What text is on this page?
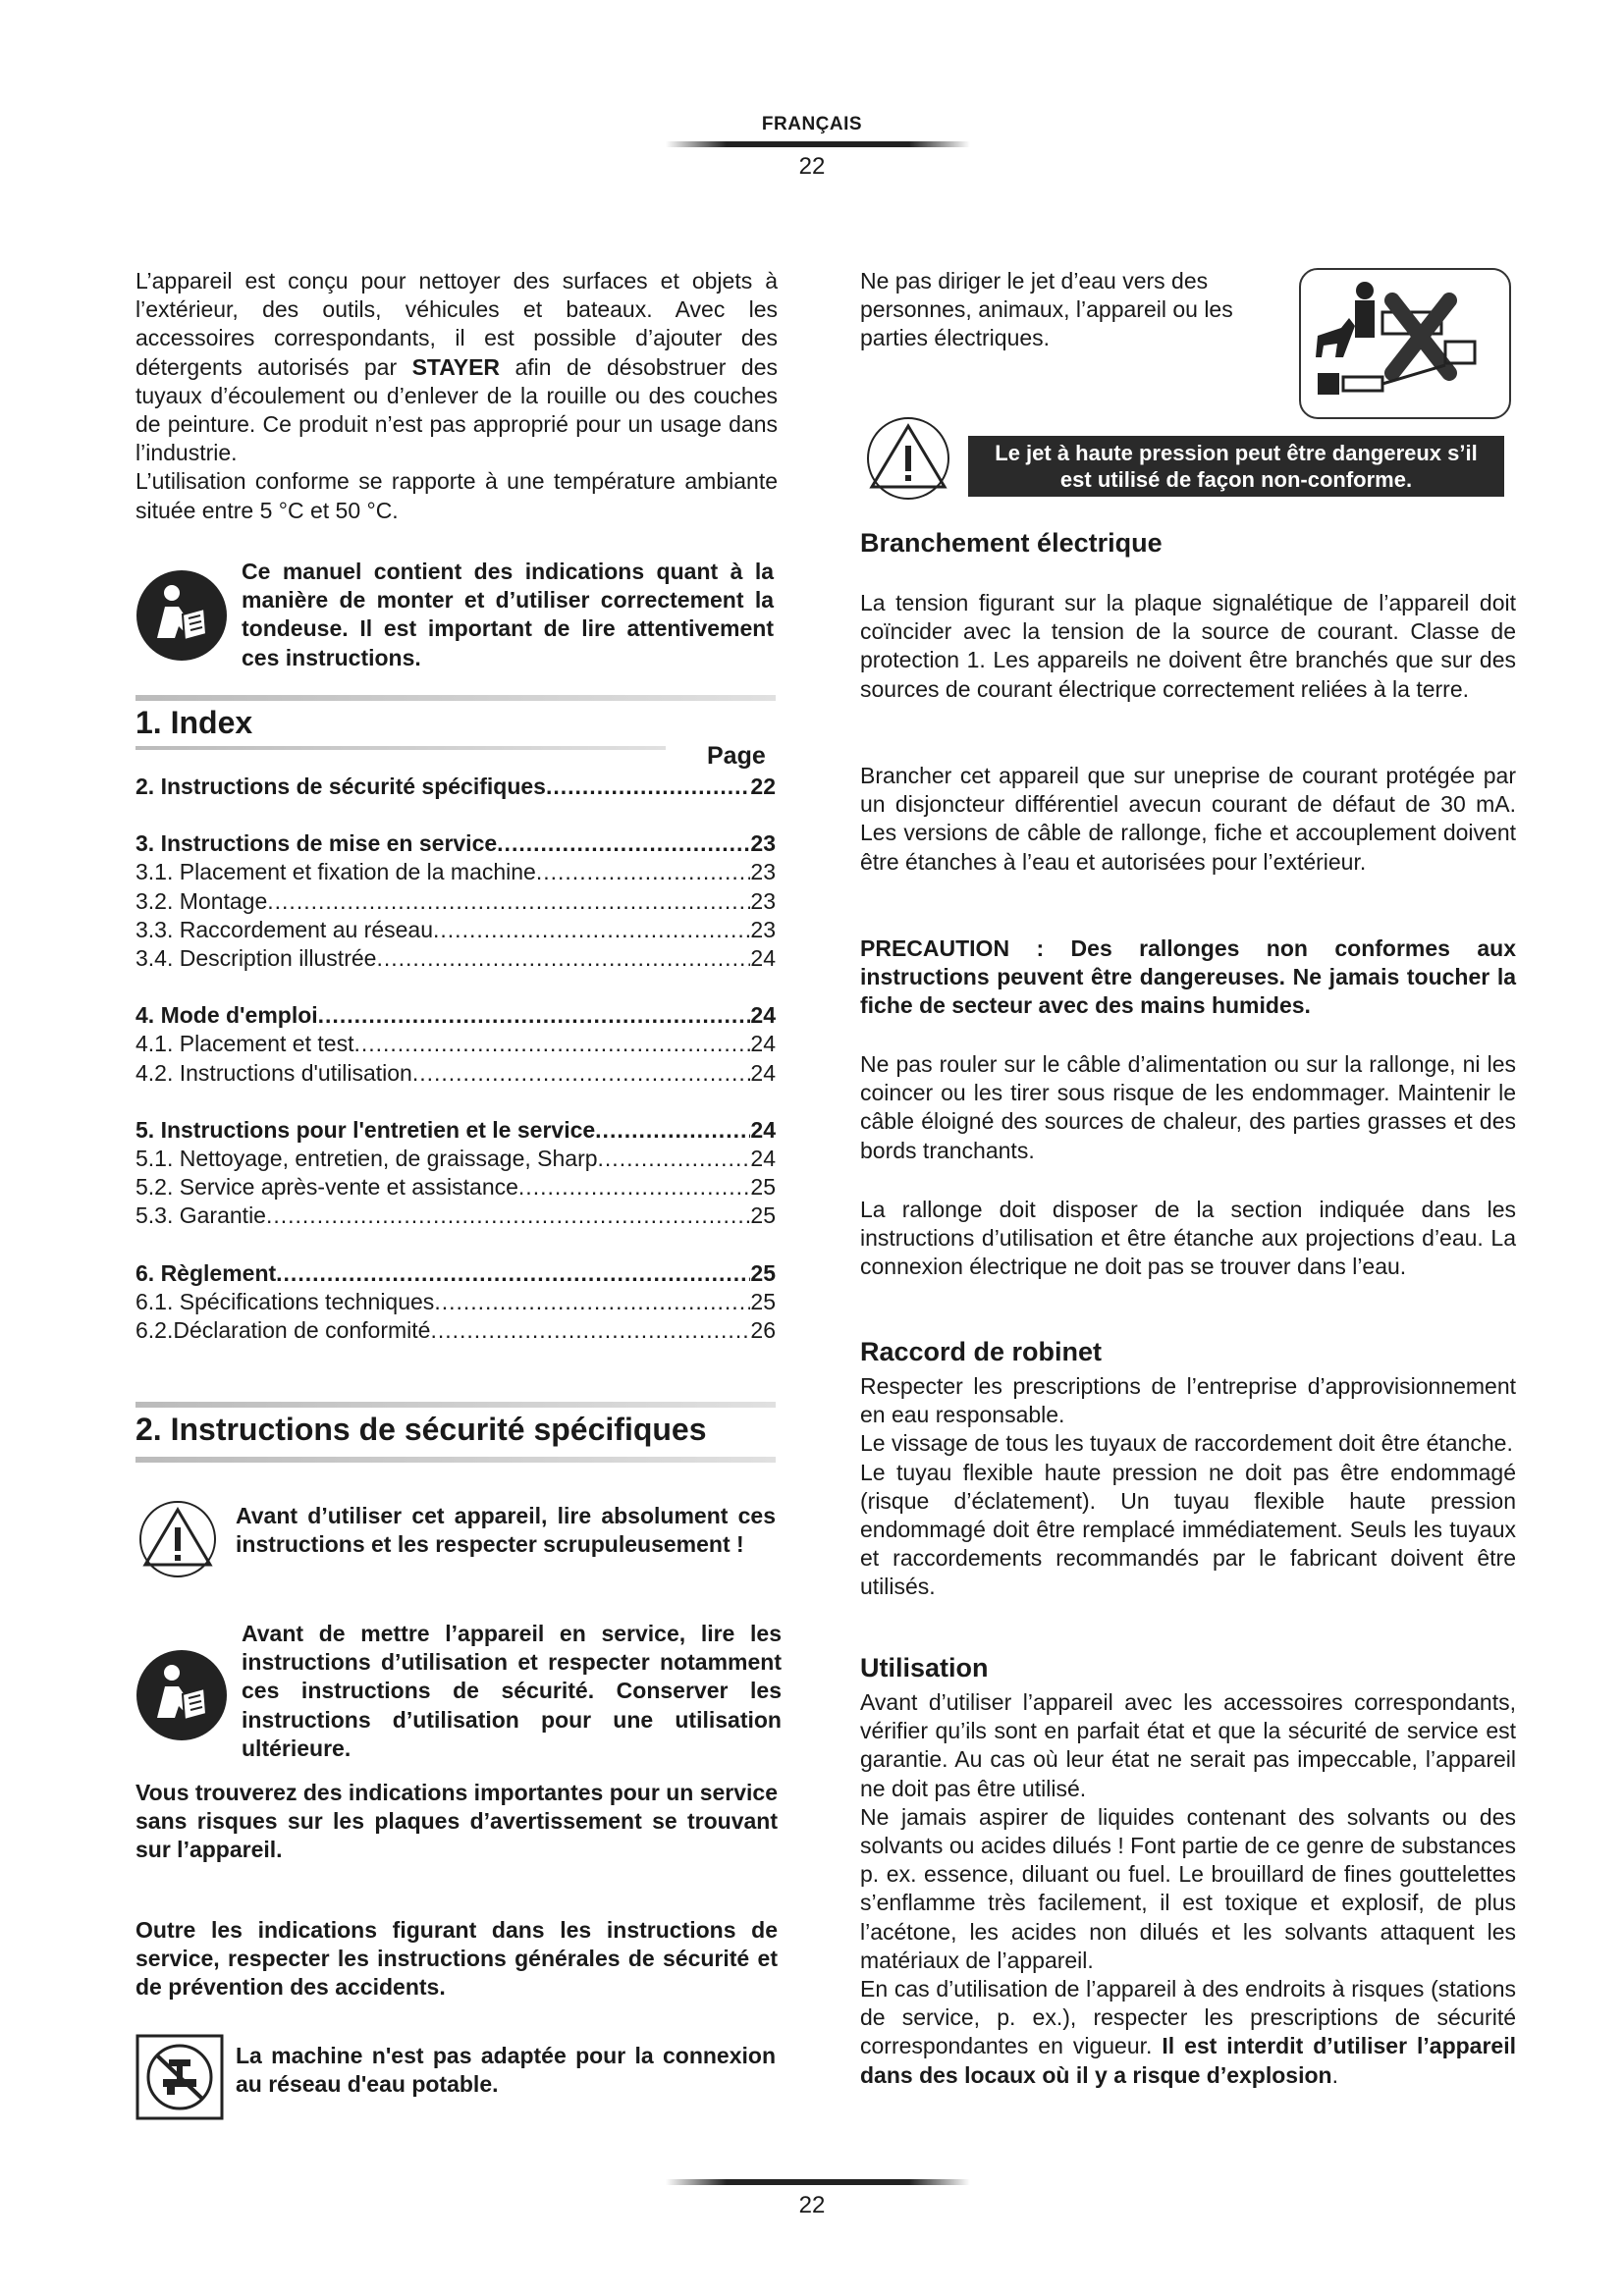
FRANÇAIS
22

L’appareil est conçu pour nettoyer des surfaces et objets à l’extérieur, des outils, véhicules et bateaux. Avec les accessoires correspondants, il est possible d’ajouter des détergents autorisés par STAYER afin de désobstruer des tuyaux d’écoulement ou d’enlever de la rouille ou des couches de peinture. Ce produit n’est pas approprié pour un usage dans l’industrie.

L’utilisation conforme se rapporte à une température ambiante située entre 5 °C et 50 °C.

Ce manuel contient des indications quant à la manière de monter et d’utiliser correctement la tondeuse. Il est important de lire attentivement ces instructions.
1. Index
Page
2. Instructions de sécurité spécifiques .....	22
3. Instructions de mise en service .....	23
3.1. Placement et fixation de la machine .....	23
3.2. Montage .....	23
3.3. Raccordement au réseau .....	23
3.4. Description illustrée .....	24
4. Mode d'emploi .....	24
4.1. Placement et test .....	24
4.2. Instructions d'utilisation .....	24
5. Instructions pour l'entretien et le service .....	24
5.1. Nettoyage, entretien, de graissage, Sharp .....	24
5.2. Service après-vente et assistance .....	25
5.3. Garantie .....	25
6. Règlement .....	25
6.1. Spécifications techniques .....	25
6.2.Déclaration de conformité .....	26
2. Instructions de sécurité spécifiques
Avant d’utiliser cet appareil, lire absolument ces instructions et les respecter scrupuleusement !
Avant de mettre l’appareil en service, lire les instructions d’utilisation et respecter notamment ces instructions de sécurité. Conserver les instructions d’utilisation pour une utilisation ultérieure.
Vous trouverez des indications importantes pour un service sans risques sur les plaques d’avertissement se trouvant sur l’appareil.
Outre les indications figurant dans les instructions de service, respecter les instructions générales de sécurité et de prévention des accidents.
La machine n'est pas adaptée pour la connexion au réseau d'eau potable.
Ne pas diriger le jet d’eau vers des personnes, animaux, l’appareil ou les parties électriques.
Le jet à haute pression peut être dangereux s’il est utilisé de façon non-conforme.
Branchement électrique
La tension figurant sur la plaque signalétique de l’appareil doit coïncider avec la tension de la source de courant. Classe de protection 1. Les appareils ne doivent être branchés que sur des sources de courant électrique correctement reliées à la terre.
Brancher cet appareil que sur uneprise de courant protégée par un disjoncteur différentiel avecun courant de défaut de 30 mA. Les versions de câble de rallonge, fiche et accouplement doivent être étanches à l’eau et autorisées pour l’extérieur.
PRECAUTION : Des rallonges non conformes aux instructions peuvent être dangereuses. Ne jamais toucher la fiche de secteur avec des mains humides.
Ne pas rouler sur le câble d’alimentation ou sur la rallonge, ni les coincer ou les tirer sous risque de les endommager. Maintenir le câble éloigné des sources de chaleur, des parties grasses et des bords tranchants.
La rallonge doit disposer de la section indiquée dans les instructions d’utilisation et être étanche aux projections d’eau. La connexion électrique ne doit pas se trouver dans l’eau.
Raccord de robinet

Respecter les prescriptions de l’entreprise d’approvisionnement en eau responsable.

Le vissage de tous les tuyaux de raccordement doit être étanche.

Le tuyau flexible haute pression ne doit pas être endommagé (risque d’éclatement). Un tuyau flexible haute pression endommagé doit être remplacé immédiatement. Seuls les tuyaux et raccordements recommandés par le fabricant doivent être utilisés.

Utilisation

Avant d’utiliser l’appareil avec les accessoires correspondants, vérifier qu’ils sont en parfait état et que la sécurité de service est garantie. Au cas où leur état ne serait pas impeccable, l’appareil ne doit pas être utilisé.

Ne jamais aspirer de liquides contenant des solvants ou des solvants ou acides dilués ! Font partie de ce genre de substances p. ex. essence, diluant ou fuel. Le brouillard de fines gouttelettes s’enflamme très facilement, il est toxique et explosif, de plus l’acétone, les acides non dilués et les solvants attaquent les matériaux de l’appareil.

En cas d’utilisation de l’appareil à des endroits à risques (stations de service, p. ex.), respecter les prescriptions de sécurité correspondantes en vigueur. Il est interdit d’utiliser l’appareil dans des locaux où il y a risque d’explosion.

22
